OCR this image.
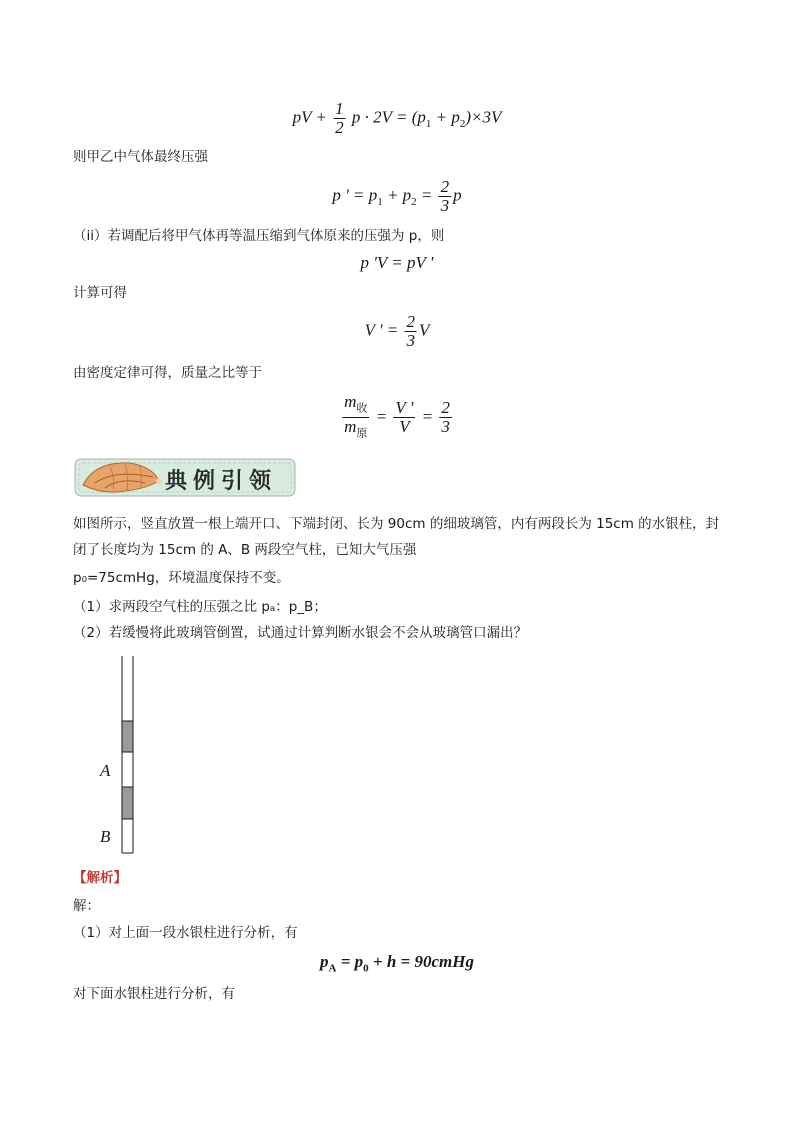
pV + $\frac{1}{2}$ $p \cdot 2V = (p_1 + p_2)\times 3V$
则甲乙中气体最终压强
p ' = $p_1 + p_2 = \frac{2}{3}$ p
（ii）若调配后将甲气体再等温压缩到气体原来的压强为 p，则
p 'V = pV '
计算可得
V ' = $\frac{2}{3}$ V
由密度定律可得，质量之比等于
$\frac{m_收}{m_原} = \frac{V '}{V} = \frac{2}{3}$
典例引领
如图所示，竖直放置一根上端开口、下端封闭、长为 90cm 的细玻璃管，内有两段长为 15cm 的水银柱，封
闭了长度均为 15cm 的 A、B 两段空气柱，已知大气压强
p₀=75cmHg，环境温度保持不变。
（1）求两段空气柱的压强之比 pₐ：p_B；
（2）若缓慢将此玻璃管倒置，试通过计算判断水银会不会从玻璃管口漏出？
A
B
【解析】
解：
（1）对上面一段水银柱进行分析，有
$p_A = p_0 + h$ = 90cmHg
对下面水银柱进行分析，有
